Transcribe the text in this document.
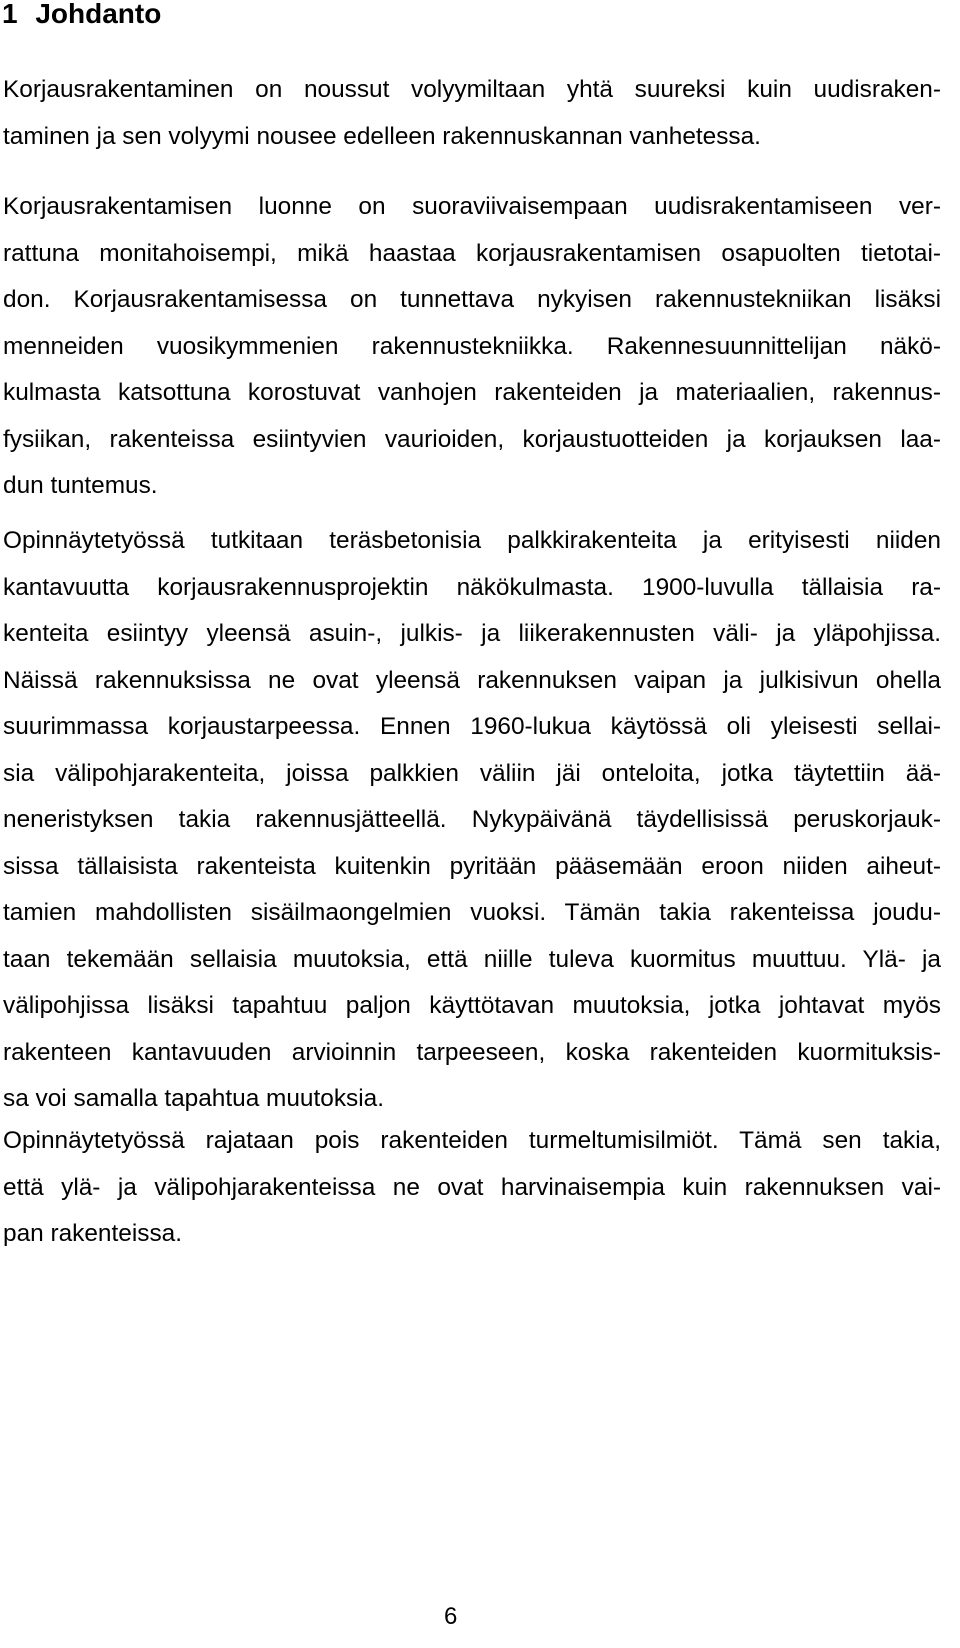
1 Johdanto

Korjausrakentaminen on noussut volyymiltaan yhtä suureksi kuin uudisraken-
taminen ja sen volyymi nousee edelleen rakennuskannan vanhetessa.

Korjausrakentamisen luonne on suoraviivaisempaan uudisrakentamiseen ver-
rattuna monitahoisempi, mikä haastaa korjausrakentamisen osapuolten tietotai-
don. Korjausrakentamisessa on tunnettava nykyisen rakennustekniikan lisäksi
menneiden vuosikymmenien rakennustekniikka. Rakennesuunnittelijan näkö-
kulmasta katsottuna korostuvat vanhojen rakenteiden ja materiaalien, rakennus-
fysiikan, rakenteissa esiintyvien vaurioiden, korjaustuotteiden ja korjauksen laa-
dun tuntemus.

Opinnäytetyössä tutkitaan teräsbetonisia palkkirakenteita ja erityisesti niiden
kantavuutta korjausrakennusprojektin näkökulmasta. 1900-luvulla tällaisia ra-
kenteita esiintyy yleensä asuin-, julkis- ja liikerakennusten väli- ja yläpohjissa.
Näissä rakennuksissa ne ovat yleensä rakennuksen vaipan ja julkisivun ohella
suurimmassa korjaustarpeessa. Ennen 1960-lukua käytössä oli yleisesti sellai-
sia välipohjarakenteita, joissa palkkien väliin jäi onteloita, jotka täytettiin ää-
neneristyksen takia rakennusjätteellä. Nykypäivänä täydellisissä peruskorjauk-
sissa tällaisista rakenteista kuitenkin pyritään pääsemään eroon niiden aiheut-
tamien mahdollisten sisäilmaongelmien vuoksi. Tämän takia rakenteissa joudu-
taan tekemään sellaisia muutoksia, että niille tuleva kuormitus muuttuu. Ylä- ja
välipohjissa lisäksi tapahtuu paljon käyttötavan muutoksia, jotka johtavat myös
rakenteen kantavuuden arvioinnin tarpeeseen, koska rakenteiden kuormituksis-
sa voi samalla tapahtua muutoksia.

Opinnäytetyössä rajataan pois rakenteiden turmeltumisilmiöt. Tämä sen takia,
että ylä- ja välipohjarakenteissa ne ovat harvinaisempia kuin rakennuksen vai-
pan rakenteissa.

6
